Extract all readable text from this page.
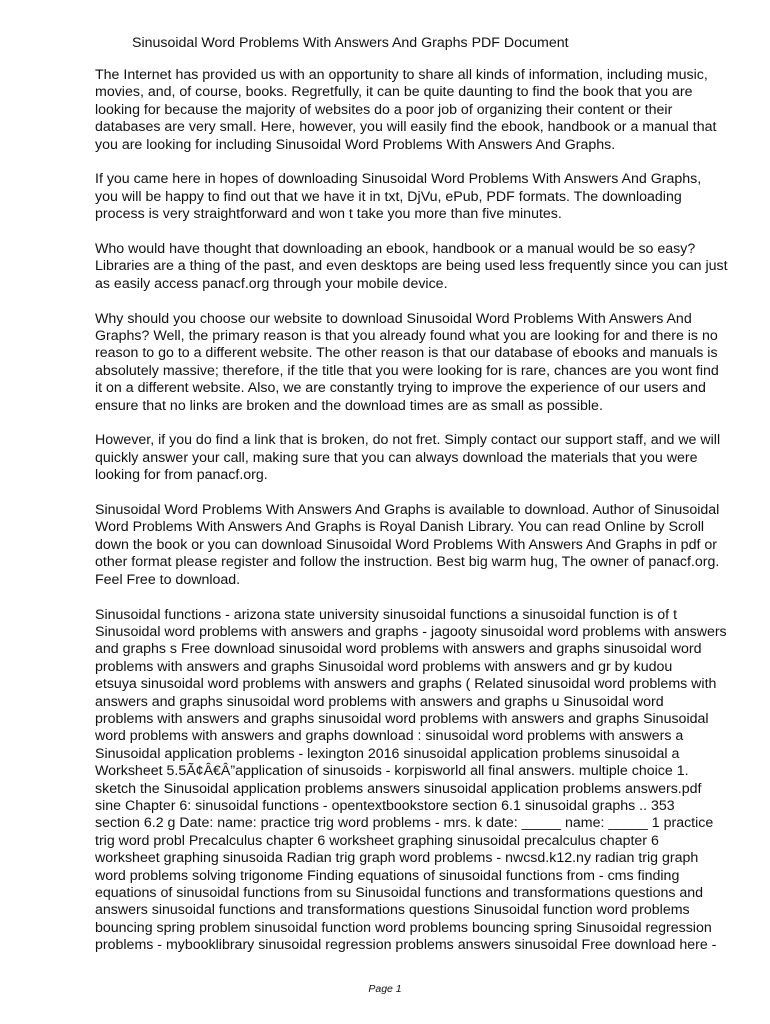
Sinusoidal Word Problems With Answers And Graphs PDF Document
The Internet has provided us with an opportunity to share all kinds of information, including music,
movies, and, of course, books. Regretfully, it can be quite daunting to find the book that you are
looking for because the majority of websites do a poor job of organizing their content or their
databases are very small. Here, however, you will easily find the ebook, handbook or a manual that
you are looking for including Sinusoidal Word Problems With Answers And Graphs.
If you came here in hopes of downloading Sinusoidal Word Problems With Answers And Graphs,
you will be happy to find out that we have it in txt, DjVu, ePub, PDF formats. The downloading
process is very straightforward and won t take you more than five minutes.
Who would have thought that downloading an ebook, handbook or a manual would be so easy?
Libraries are a thing of the past, and even desktops are being used less frequently since you can just
as easily access panacf.org through your mobile device.
Why should you choose our website to download Sinusoidal Word Problems With Answers And
Graphs? Well, the primary reason is that you already found what you are looking for and there is no
reason to go to a different website. The other reason is that our database of ebooks and manuals is
absolutely massive; therefore, if the title that you were looking for is rare, chances are you wont find
it on a different website. Also, we are constantly trying to improve the experience of our users and
ensure that no links are broken and the download times are as small as possible.
However, if you do find a link that is broken, do not fret. Simply contact our support staff, and we will
quickly answer your call, making sure that you can always download the materials that you were
looking for from panacf.org.
Sinusoidal Word Problems With Answers And Graphs is available to download. Author of Sinusoidal
Word Problems With Answers And Graphs is Royal Danish Library. You can read Online by Scroll
down the book or you can download Sinusoidal Word Problems With Answers And Graphs in pdf or
other format please register and follow the instruction. Best big warm hug, The owner of panacf.org.
Feel Free to download.
Sinusoidal functions - arizona state university sinusoidal functions a sinusoidal function is of t
Sinusoidal word problems with answers and graphs - jagooty sinusoidal word problems with answers
and graphs s Free download sinusoidal word problems with answers and graphs sinusoidal word
problems with answers and graphs Sinusoidal word problems with answers and gr by kudou
etsuya sinusoidal word problems with answers and graphs ( Related sinusoidal word problems with
answers and graphs sinusoidal word problems with answers and graphs u Sinusoidal word
problems with answers and graphs sinusoidal word problems with answers and graphs Sinusoidal
word problems with answers and graphs download : sinusoidal word problems with answers a
Sinusoidal application problems - lexington 2016 sinusoidal application problems sinusoidal a
Worksheet 5.5Ã¢Â€Â”application of sinusoids - korpisworld all final answers. multiple choice 1.
sketch the Sinusoidal application problems answers sinusoidal application problems answers.pdf
sine Chapter 6: sinusoidal functions - opentextbookstore section 6.1 sinusoidal graphs .. 353
section 6.2 g Date: name: practice trig word problems - mrs. k date: _____ name: _____ 1 practice
trig word probl Precalculus chapter 6 worksheet graphing sinusoidal precalculus chapter 6
worksheet graphing sinusoida Radian trig graph word problems - nwcsd.k12.ny radian trig graph
word problems solving trigonome Finding equations of sinusoidal functions from - cms finding
equations of sinusoidal functions from su Sinusoidal functions and transformations questions and
answers sinusoidal functions and transformations questions Sinusoidal function word problems
bouncing spring problem sinusoidal function word problems bouncing spring Sinusoidal regression
problems - mybooklibrary sinusoidal regression problems answers sinusoidal Free download here -
Page 1
